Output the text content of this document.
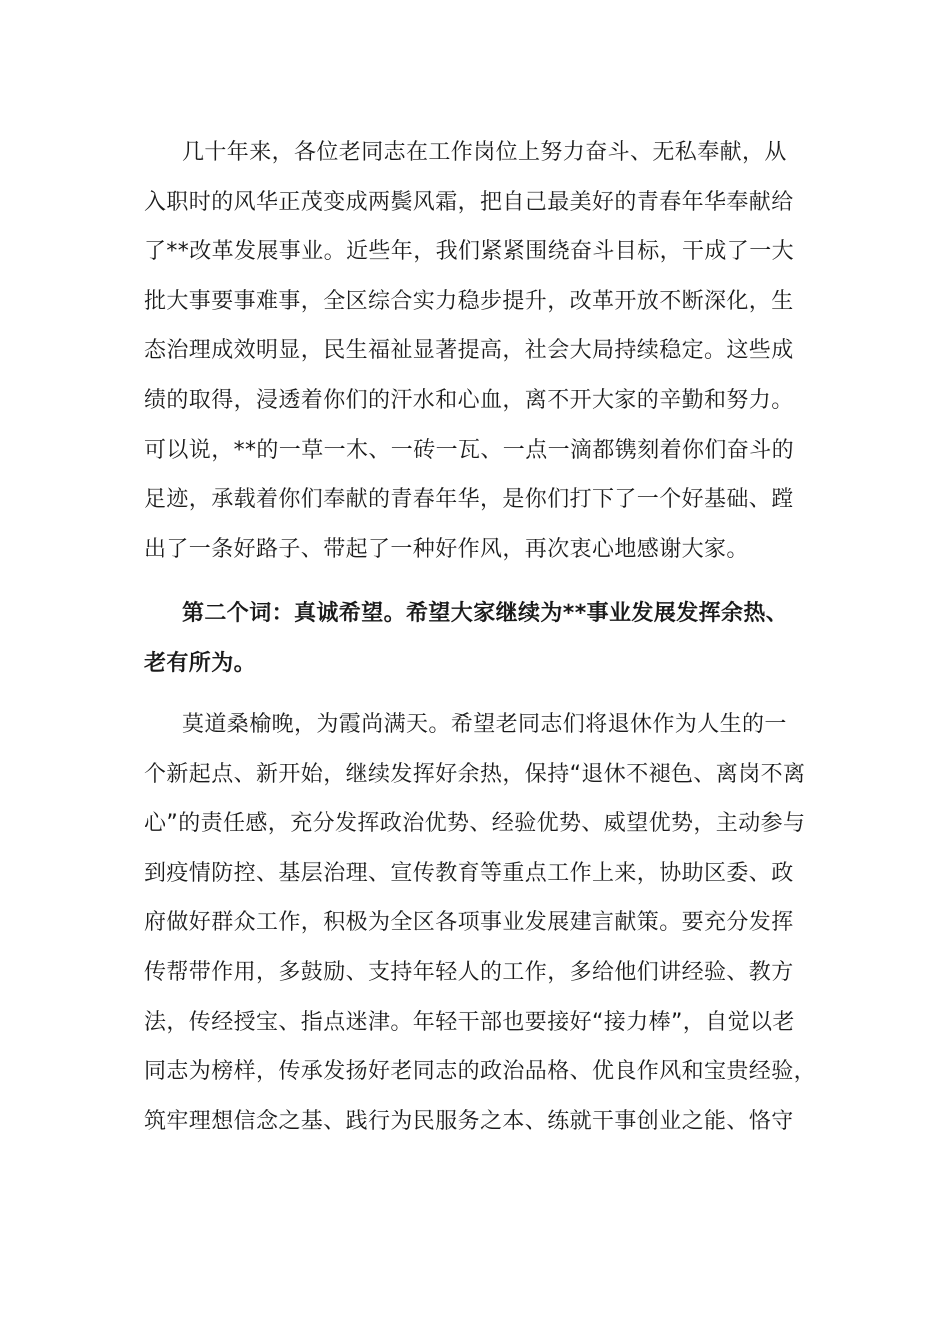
几十年来，各位老同志在工作岗位上努力奋斗、无私奉献，从
入职时的风华正茂变成两鬓风霜，把自己最美好的青春年华奉献给
了**改革发展事业。近些年，我们紧紧围绕奋斗目标，干成了一大
批大事要事难事，全区综合实力稳步提升，改革开放不断深化，生
态治理成效明显，民生福祉显著提高，社会大局持续稳定。这些成
绩的取得，浸透着你们的汗水和心血，离不开大家的辛勤和努力。
可以说，**的一草一木、一砖一瓦、一点一滴都镌刻着你们奋斗的
足迹，承载着你们奉献的青春年华，是你们打下了一个好基础、蹚
出了一条好路子、带起了一种好作风，再次衷心地感谢大家。
第二个词：真诚希望。希望大家继续为**事业发展发挥余热、
老有所为。
莫道桑榆晚，为霞尚满天。希望老同志们将退休作为人生的一
个新起点、新开始，继续发挥好余热，保持“退休不褪色、离岗不离
心”的责任感，充分发挥政治优势、经验优势、威望优势，主动参与
到疫情防控、基层治理、宣传教育等重点工作上来，协助区委、政
府做好群众工作，积极为全区各项事业发展建言献策。要充分发挥
传帮带作用，多鼓励、支持年轻人的工作，多给他们讲经验、教方
法，传经授宝、指点迷津。年轻干部也要接好“接力棒”，自觉以老
同志为榜样，传承发扬好老同志的政治品格、优良作风和宝贵经验，
筑牢理想信念之基、践行为民服务之本、练就干事创业之能、恪守
